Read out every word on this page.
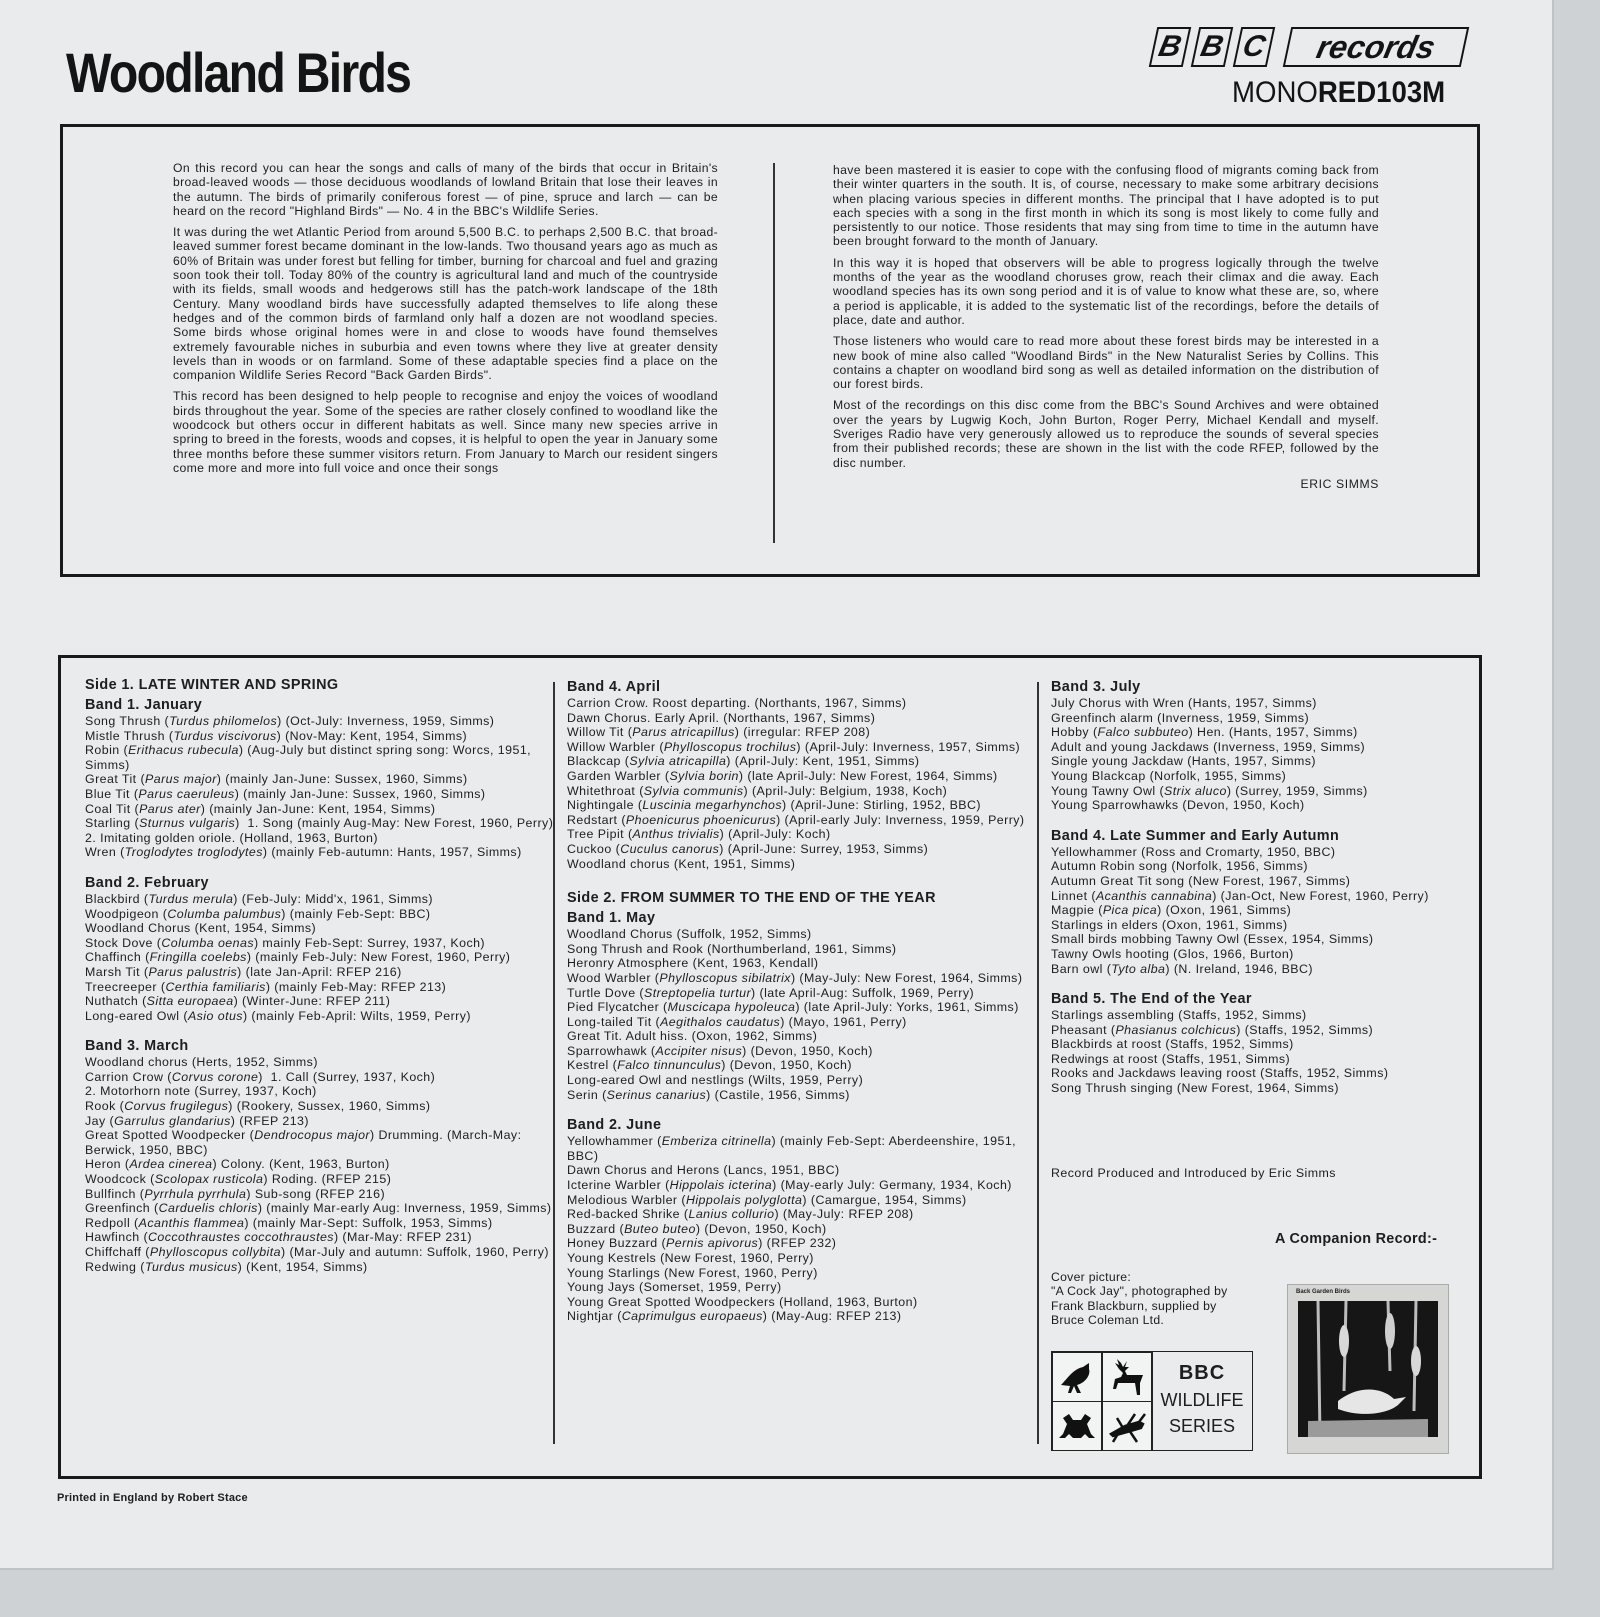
Woodland Birds	B B C	records
MONORED103M

On this record you can hear the songs and calls of many of the birds that occur in Britain's broad-leaved woods — those deciduous woodlands of lowland Britain that lose their leaves in the autumn. The birds of primarily coniferous forest — of pine, spruce and larch — can be heard on the record "Highland Birds" — No. 4 in the BBC's Wildlife Series.

It was during the wet Atlantic Period from around 5,500 B.C. to perhaps 2,500 B.C. that broad-leaved summer forest became dominant in the low-lands. Two thousand years ago as much as 60% of Britain was under forest but felling for timber, burning for charcoal and fuel and grazing soon took their toll. Today 80% of the country is agricultural land and much of the countryside with its fields, small woods and hedgerows still has the patch-work landscape of the 18th Century. Many woodland birds have successfully adapted themselves to life along these hedges and of the common birds of farmland only half a dozen are not woodland species. Some birds whose original homes were in and close to woods have found themselves extremely favourable niches in suburbia and even towns where they live at greater density levels than in woods or on farmland. Some of these adaptable species find a place on the companion Wildlife Series Record "Back Garden Birds".

This record has been designed to help people to recognise and enjoy the voices of woodland birds throughout the year. Some of the species are rather closely confined to woodland like the woodcock but others occur in different habitats as well. Since many new species arrive in spring to breed in the forests, woods and copses, it is helpful to open the year in January some three months before these summer visitors return. From January to March our resident singers come more and more into full voice and once their songs

have been mastered it is easier to cope with the confusing flood of migrants coming back from their winter quarters in the south. It is, of course, necessary to make some arbitrary decisions when placing various species in different months. The principal that I have adopted is to put each species with a song in the first month in which its song is most likely to come fully and persistently to our notice. Those residents that may sing from time to time in the autumn have been brought forward to the month of January.

In this way it is hoped that observers will be able to progress logically through the twelve months of the year as the woodland choruses grow, reach their climax and die away. Each woodland species has its own song period and it is of value to know what these are, so, where a period is applicable, it is added to the systematic list of the recordings, before the details of place, date and author.

Those listeners who would care to read more about these forest birds may be interested in a new book of mine also called "Woodland Birds" in the New Naturalist Series by Collins. This contains a chapter on woodland bird song as well as detailed information on the distribution of our forest birds.

Most of the recordings on this disc come from the BBC's Sound Archives and were obtained over the years by Lugwig Koch, John Burton, Roger Perry, Michael Kendall and myself. Sveriges Radio have very generously allowed us to reproduce the sounds of several species from their published records; these are shown in the list with the code RFEP, followed by the disc number.

ERIC SIMMS
Side 1. LATE WINTER AND SPRING
Band 1. January
Song Thrush (Turdus philomelos) (Oct-July: Inverness, 1959, Simms)
Mistle Thrush (Turdus viscivorus) (Nov-May: Kent, 1954, Simms)
Robin (Erithacus rubecula) (Aug-July but distinct spring song: Worcs, 1951, Simms)
Great Tit (Parus major) (mainly Jan-June: Sussex, 1960, Simms)
Blue Tit (Parus caeruleus) (mainly Jan-June: Sussex, 1960, Simms)
Coal Tit (Parus ater) (mainly Jan-June: Kent, 1954, Simms)
Starling (Sturnus vulgaris)  1. Song (mainly Aug-May: New Forest, 1960, Perry)
2. Imitating golden oriole. (Holland, 1963, Burton)
Wren (Troglodytes troglodytes) (mainly Feb-autumn: Hants, 1957, Simms)
Band 2. February
Blackbird (Turdus merula) (Feb-July: Midd'x, 1961, Simms)
Woodpigeon (Columba palumbus) (mainly Feb-Sept: BBC)
Woodland Chorus (Kent, 1954, Simms)
Stock Dove (Columba oenas) mainly Feb-Sept: Surrey, 1937, Koch)
Chaffinch (Fringilla coelebs) (mainly Feb-July: New Forest, 1960, Perry)
Marsh Tit (Parus palustris) (late Jan-April: RFEP 216)
Treecreeper (Certhia familiaris) (mainly Feb-May: RFEP 213)
Nuthatch (Sitta europaea) (Winter-June: RFEP 211)
Long-eared Owl (Asio otus) (mainly Feb-April: Wilts, 1959, Perry)
Band 3. March
Woodland chorus (Herts, 1952, Simms)
Carrion Crow (Corvus corone)  1. Call (Surrey, 1937, Koch)
2. Motorhorn note (Surrey, 1937, Koch)
Rook (Corvus frugilegus) (Rookery, Sussex, 1960, Simms)
Jay (Garrulus glandarius) (RFEP 213)
Great Spotted Woodpecker (Dendrocopus major) Drumming. (March-May: Berwick, 1950, BBC)
Heron (Ardea cinerea) Colony. (Kent, 1963, Burton)
Woodcock (Scolopax rusticola) Roding. (RFEP 215)
Bullfinch (Pyrrhula pyrrhula) Sub-song (RFEP 216)
Greenfinch (Carduelis chloris) (mainly Mar-early Aug: Inverness, 1959, Simms)
Redpoll (Acanthis flammea) (mainly Mar-Sept: Suffolk, 1953, Simms)
Hawfinch (Coccothraustes coccothraustes) (Mar-May: RFEP 231)
Chiffchaff (Phylloscopus collybita) (Mar-July and autumn: Suffolk, 1960, Perry)
Redwing (Turdus musicus) (Kent, 1954, Simms)
Band 4. April
Carrion Crow. Roost departing. (Northants, 1967, Simms)
Dawn Chorus. Early April. (Northants, 1967, Simms)
Willow Tit (Parus atricapillus) (irregular: RFEP 208)
Willow Warbler (Phylloscopus trochilus) (April-July: Inverness, 1957, Simms)
Blackcap (Sylvia atricapilla) (April-July: Kent, 1951, Simms)
Garden Warbler (Sylvia borin) (late April-July: New Forest, 1964, Simms)
Whitethroat (Sylvia communis) (April-July: Belgium, 1938, Koch)
Nightingale (Luscinia megarhynchos) (April-June: Stirling, 1952, BBC)
Redstart (Phoenicurus phoenicurus) (April-early July: Inverness, 1959, Perry)
Tree Pipit (Anthus trivialis) (April-July: Koch)
Cuckoo (Cuculus canorus) (April-June: Surrey, 1953, Simms)
Woodland chorus (Kent, 1951, Simms)
Side 2. FROM SUMMER TO THE END OF THE YEAR
Band 1. May
Woodland Chorus (Suffolk, 1952, Simms)
Song Thrush and Rook (Northumberland, 1961, Simms)
Heronry Atmosphere (Kent, 1963, Kendall)
Wood Warbler (Phylloscopus sibilatrix) (May-July: New Forest, 1964, Simms)
Turtle Dove (Streptopelia turtur) (late April-Aug: Suffolk, 1969, Perry)
Pied Flycatcher (Muscicapa hypoleuca) (late April-July: Yorks, 1961, Simms)
Long-tailed Tit (Aegithalos caudatus) (Mayo, 1961, Perry)
Great Tit. Adult hiss. (Oxon, 1962, Simms)
Sparrowhawk (Accipiter nisus) (Devon, 1950, Koch)
Kestrel (Falco tinnunculus) (Devon, 1950, Koch)
Long-eared Owl and nestlings (Wilts, 1959, Perry)
Serin (Serinus canarius) (Castile, 1956, Simms)
Band 2. June
Yellowhammer (Emberiza citrinella) (mainly Feb-Sept: Aberdeenshire, 1951, BBC)
Dawn Chorus and Herons (Lancs, 1951, BBC)
Icterine Warbler (Hippolais icterina) (May-early July: Germany, 1934, Koch)
Melodious Warbler (Hippolais polyglotta) (Camargue, 1954, Simms)
Red-backed Shrike (Lanius collurio) (May-July: RFEP 208)
Buzzard (Buteo buteo) (Devon, 1950, Koch)
Honey Buzzard (Pernis apivorus) (RFEP 232)
Young Kestrels (New Forest, 1960, Perry)
Young Starlings (New Forest, 1960, Perry)
Young Jays (Somerset, 1959, Perry)
Young Great Spotted Woodpeckers (Holland, 1963, Burton)
Nightjar (Caprimulgus europaeus) (May-Aug: RFEP 213)
Band 3. July
July Chorus with Wren (Hants, 1957, Simms)
Greenfinch alarm (Inverness, 1959, Simms)
Hobby (Falco subbuteo) Hen. (Hants, 1957, Simms)
Adult and young Jackdaws (Inverness, 1959, Simms)
Single young Jackdaw (Hants, 1957, Simms)
Young Blackcap (Norfolk, 1955, Simms)
Young Tawny Owl (Strix aluco) (Surrey, 1959, Simms)
Young Sparrowhawks (Devon, 1950, Koch)
Band 4. Late Summer and Early Autumn
Yellowhammer (Ross and Cromarty, 1950, BBC)
Autumn Robin song (Norfolk, 1956, Simms)
Autumn Great Tit song (New Forest, 1967, Simms)
Linnet (Acanthis cannabina) (Jan-Oct, New Forest, 1960, Perry)
Magpie (Pica pica) (Oxon, 1961, Simms)
Starlings in elders (Oxon, 1961, Simms)
Small birds mobbing Tawny Owl (Essex, 1954, Simms)
Tawny Owls hooting (Glos, 1966, Burton)
Barn owl (Tyto alba) (N. Ireland, 1946, BBC)
Band 5. The End of the Year
Starlings assembling (Staffs, 1952, Simms)
Pheasant (Phasianus colchicus) (Staffs, 1952, Simms)
Blackbirds at roost (Staffs, 1952, Simms)
Redwings at roost (Staffs, 1951, Simms)
Rooks and Jackdaws leaving roost (Staffs, 1952, Simms)
Song Thrush singing (New Forest, 1964, Simms)
Record Produced and Introduced by Eric Simms
A Companion Record:-
Cover picture:
"A Cock Jay", photographed by
Frank Blackburn, supplied by
Bruce Coleman Ltd.
BBC
WILDLIFE
SERIES
Back Garden Birds
Printed in England by Robert Stace
